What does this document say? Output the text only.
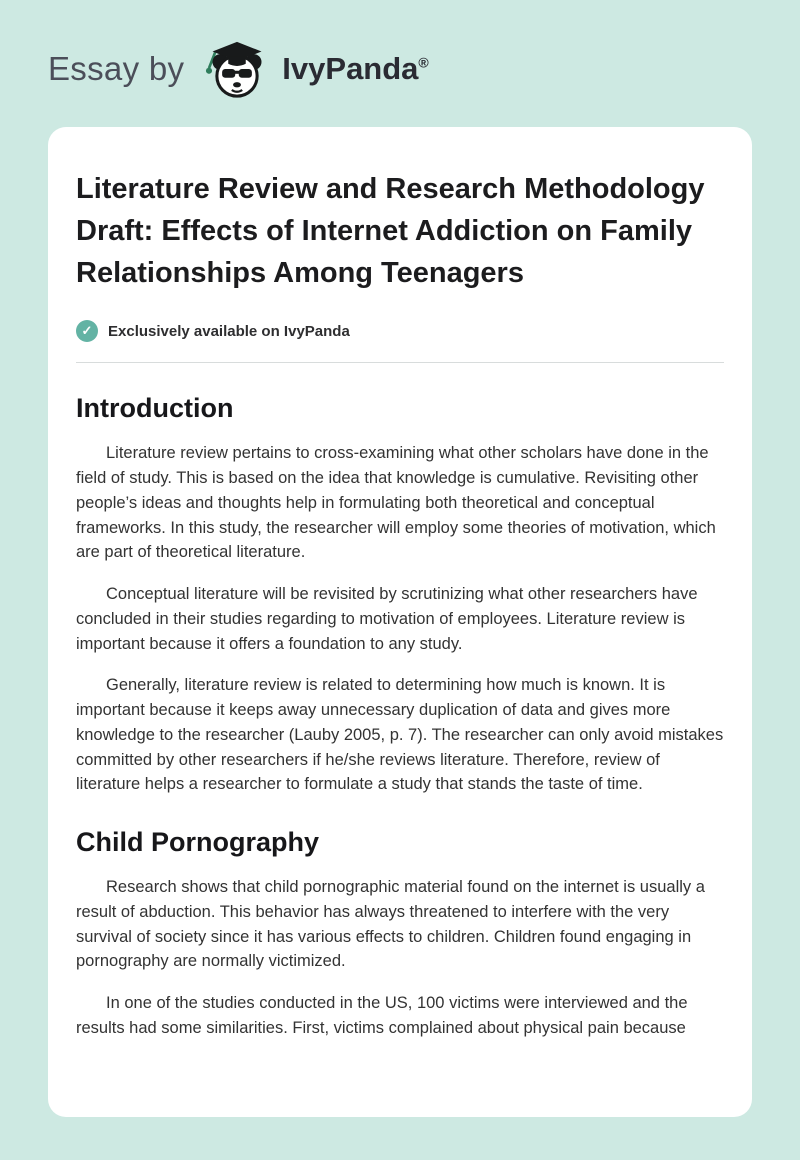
Essay by	IvyPanda®
Literature Review and Research Methodology Draft: Effects of Internet Addiction on Family Relationships Among Teenagers
✓	Exclusively available on IvyPanda
Introduction

Literature review pertains to cross-examining what other scholars have done in the field of study. This is based on the idea that knowledge is cumulative. Revisiting other people’s ideas and thoughts help in formulating both theoretical and conceptual frameworks. In this study, the researcher will employ some theories of motivation, which are part of theoretical literature.

Conceptual literature will be revisited by scrutinizing what other researchers have concluded in their studies regarding to motivation of employees. Literature review is important because it offers a foundation to any study.

Generally, literature review is related to determining how much is known. It is important because it keeps away unnecessary duplication of data and gives more knowledge to the researcher (Lauby 2005, p. 7). The researcher can only avoid mistakes committed by other researchers if he/she reviews literature. Therefore, review of literature helps a researcher to formulate a study that stands the taste of time.

Child Pornography

Research shows that child pornographic material found on the internet is usually a result of abduction. This behavior has always threatened to interfere with the very survival of society since it has various effects to children. Children found engaging in pornography are normally victimized.

In one of the studies conducted in the US, 100 victims were interviewed and the results had some similarities. First, victims complained about physical pain because
